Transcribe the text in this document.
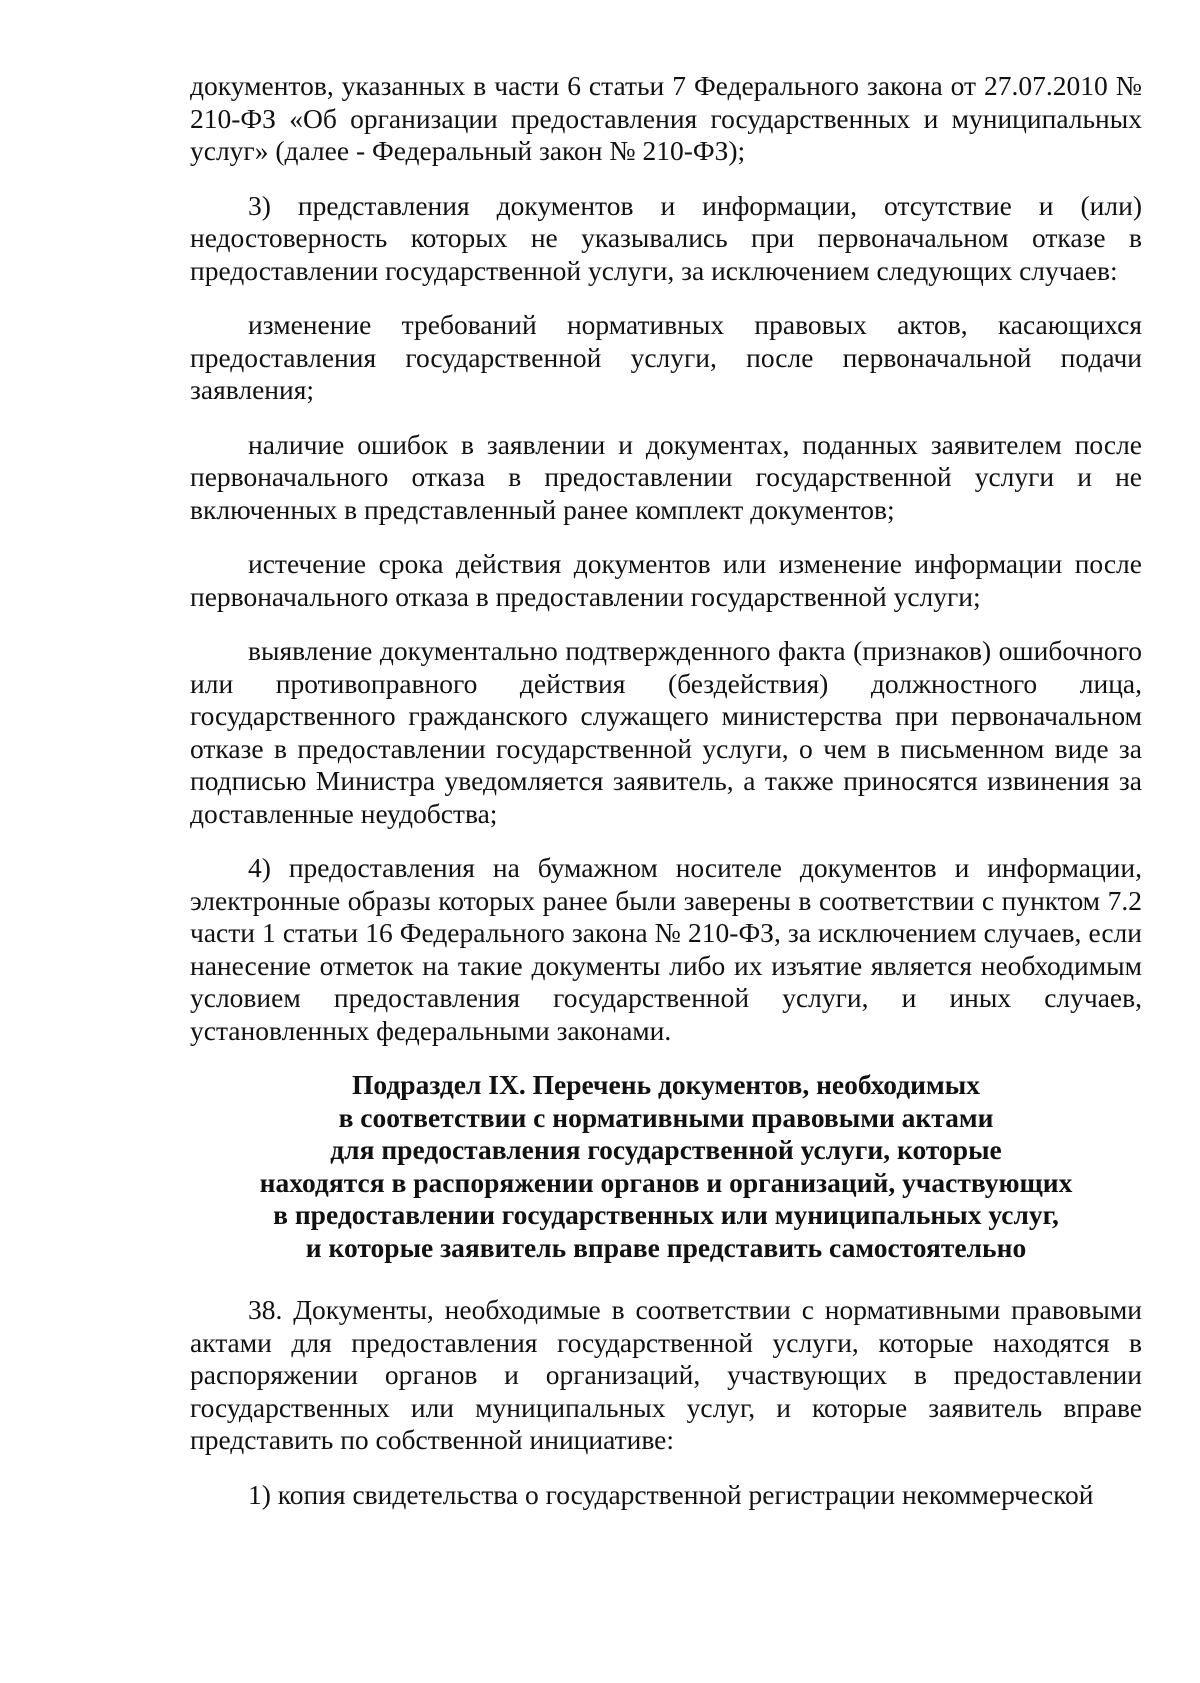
документов, указанных в части 6 статьи 7 Федерального закона от 27.07.2010 № 210-ФЗ «Об организации предоставления государственных и муниципальных услуг» (далее - Федеральный закон № 210-ФЗ);

3) представления документов и информации, отсутствие и (или) недостоверность которых не указывались при первоначальном отказе в предоставлении государственной услуги, за исключением следующих случаев:

изменение требований нормативных правовых актов, касающихся предоставления государственной услуги, после первоначальной подачи заявления;

наличие ошибок в заявлении и документах, поданных заявителем после первоначального отказа в предоставлении государственной услуги и не включенных в представленный ранее комплект документов;

истечение срока действия документов или изменение информации после первоначального отказа в предоставлении государственной услуги;

выявление документально подтвержденного факта (признаков) ошибочного или противоправного действия (бездействия) должностного лица, государственного гражданского служащего министерства при первоначальном отказе в предоставлении государственной услуги, о чем в письменном виде за подписью Министра уведомляется заявитель, а также приносятся извинения за доставленные неудобства;

4) предоставления на бумажном носителе документов и информации, электронные образы которых ранее были заверены в соответствии с пунктом 7.2 части 1 статьи 16 Федерального закона № 210-ФЗ, за исключением случаев, если нанесение отметок на такие документы либо их изъятие является необходимым условием предоставления государственной услуги, и иных случаев, установленных федеральными законами.

Подраздел IX. Перечень документов, необходимых
в соответствии с нормативными правовыми актами
для предоставления государственной услуги, которые
находятся в распоряжении органов и организаций, участвующих
в предоставлении государственных или муниципальных услуг,
и которые заявитель вправе представить самостоятельно

38. Документы, необходимые в соответствии с нормативными правовыми актами для предоставления государственной услуги, которые находятся в распоряжении органов и организаций, участвующих в предоставлении государственных или муниципальных услуг, и которые заявитель вправе представить по собственной инициативе:

1) копия свидетельства о государственной регистрации некоммерческой
